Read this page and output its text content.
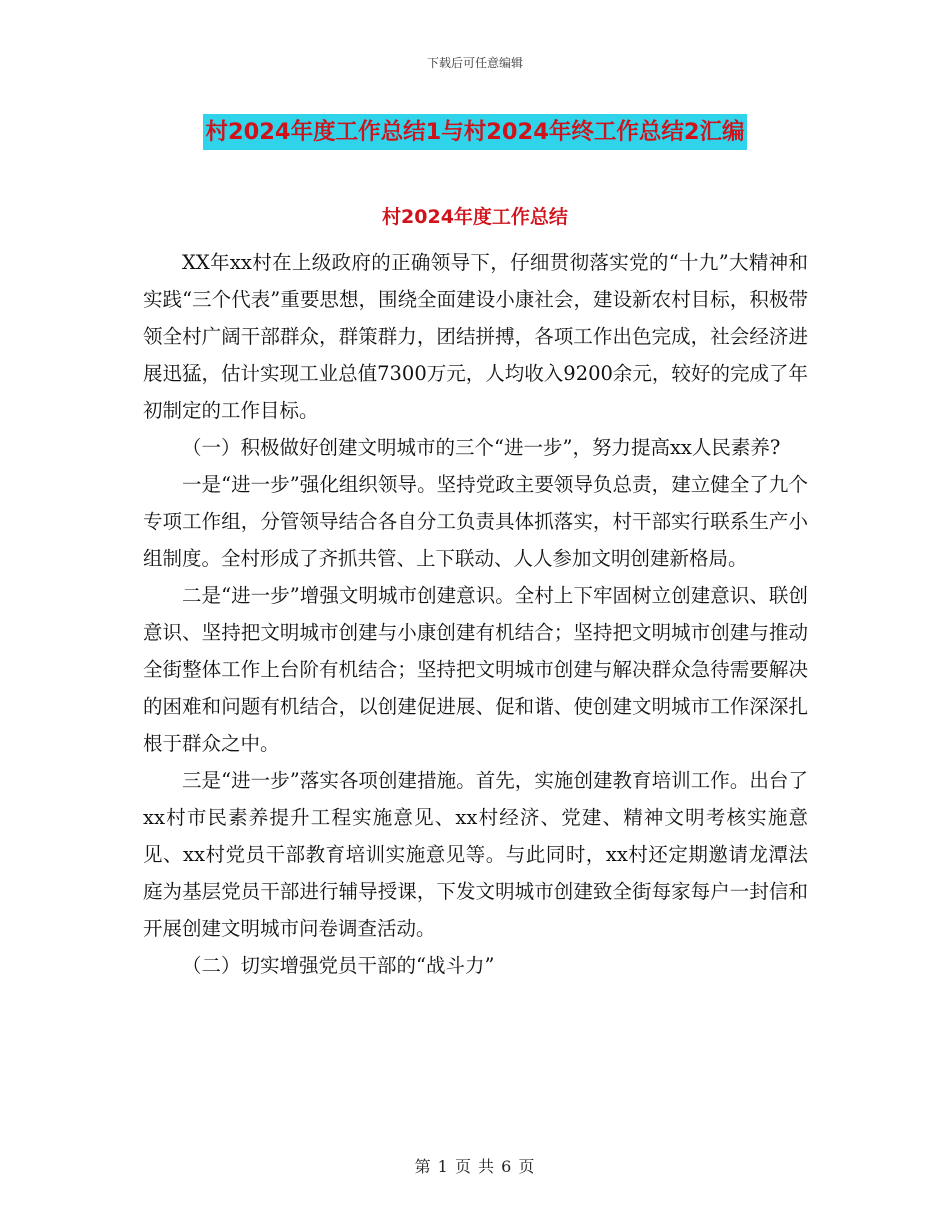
下载后可任意编辑
村2024年度工作总结1与村2024年终工作总结2汇编
村2024年度工作总结

XX年xx村在上级政府的正确领导下，仔细贯彻落实党的“十九”大精神和实践“三个代表”重要思想，围绕全面建设小康社会，建设新农村目标，积极带领全村广阔干部群众，群策群力，团结拼搏，各项工作出色完成，社会经济进展迅猛，估计实现工业总值7300万元，人均收入9200余元，较好的完成了年初制定的工作目标。

（一）积极做好创建文明城市的三个“进一步”，努力提高xx人民素养?

一是“进一步”强化组织领导。坚持党政主要领导负总责，建立健全了九个专项工作组，分管领导结合各自分工负责具体抓落实，村干部实行联系生产小组制度。全村形成了齐抓共管、上下联动、人人参加文明创建新格局。

二是“进一步”增强文明城市创建意识。全村上下牢固树立创建意识、联创意识、坚持把文明城市创建与小康创建有机结合；坚持把文明城市创建与推动全街整体工作上台阶有机结合；坚持把文明城市创建与解决群众急待需要解决的困难和问题有机结合，以创建促进展、促和谐、使创建文明城市工作深深扎根于群众之中。

三是“进一步”落实各项创建措施。首先，实施创建教育培训工作。出台了xx村市民素养提升工程实施意见、xx村经济、党建、精神文明考核实施意见、xx村党员干部教育培训实施意见等。与此同时，xx村还定期邀请龙潭法庭为基层党员干部进行辅导授课，下发文明城市创建致全街每家每户一封信和开展创建文明城市问卷调查活动。

（二）切实增强党员干部的“战斗力”

第 1 页 共 6 页
